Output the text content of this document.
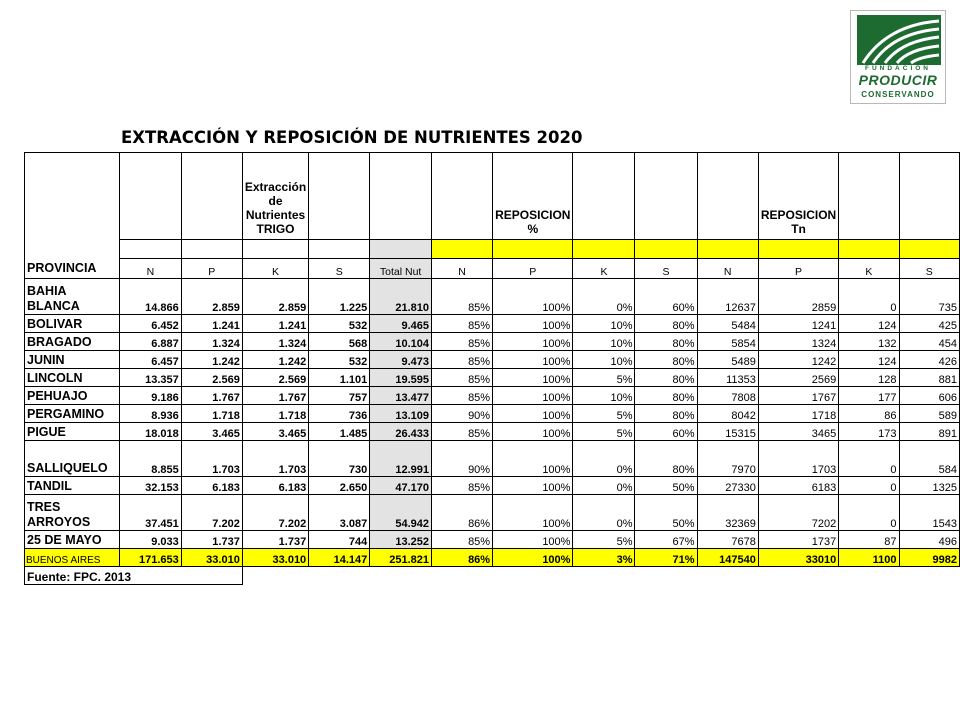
FUNDACION
PRODUCIR
CONSERVANDO
EXTRACCIÓN Y REPOSICIÓN DE NUTRIENTES 2020
PROVINCIA			Extracción de Nutrientes TRIGO				REPOSICION %				REPOSICION Tn		

	N	P	K	S	Total Nut	N	P	K	S	N	P	K	S
BAHIA BLANCA	14.866	2.859	2.859	1.225	21.810	85%	100%	0%	60%	12637	2859	0	735
BOLIVAR	6.452	1.241	1.241	532	9.465	85%	100%	10%	80%	5484	1241	124	425
BRAGADO	6.887	1.324	1.324	568	10.104	85%	100%	10%	80%	5854	1324	132	454
JUNIN	6.457	1.242	1.242	532	9.473	85%	100%	10%	80%	5489	1242	124	426
LINCOLN	13.357	2.569	2.569	1.101	19.595	85%	100%	5%	80%	11353	2569	128	881
PEHUAJO	9.186	1.767	1.767	757	13.477	85%	100%	10%	80%	7808	1767	177	606
PERGAMINO	8.936	1.718	1.718	736	13.109	90%	100%	5%	80%	8042	1718	86	589
PIGUE	18.018	3.465	3.465	1.485	26.433	85%	100%	5%	60%	15315	3465	173	891
SALLIQUELO	8.855	1.703	1.703	730	12.991	90%	100%	0%	80%	7970	1703	0	584
TANDIL	32.153	6.183	6.183	2.650	47.170	85%	100%	0%	50%	27330	6183	0	1325
TRES ARROYOS	37.451	7.202	7.202	3.087	54.942	86%	100%	0%	50%	32369	7202	0	1543
25 DE MAYO	9.033	1.737	1.737	744	13.252	85%	100%	5%	67%	7678	1737	87	496
BUENOS AIRES	171.653	33.010	33.010	14.147	251.821	86%	100%	3%	71%	147540	33010	1100	9982
Fuente: FPC. 2013													
